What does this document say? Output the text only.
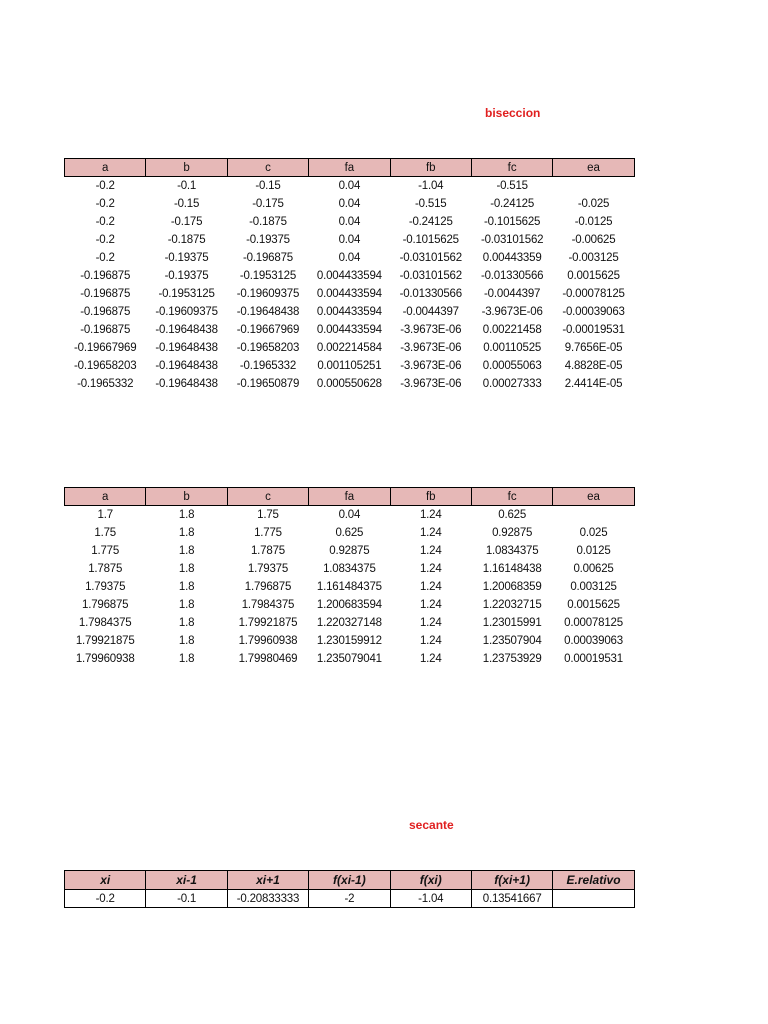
biseccion
a	b	c	fa	fb	fc	ea
-0.2	-0.1	-0.15	0.04	-1.04	-0.515	
-0.2	-0.15	-0.175	0.04	-0.515	-0.24125	-0.025
-0.2	-0.175	-0.1875	0.04	-0.24125	-0.1015625	-0.0125
-0.2	-0.1875	-0.19375	0.04	-0.1015625	-0.03101562	-0.00625
-0.2	-0.19375	-0.196875	0.04	-0.03101562	0.00443359	-0.003125
-0.196875	-0.19375	-0.1953125	0.004433594	-0.03101562	-0.01330566	0.0015625
-0.196875	-0.1953125	-0.19609375	0.004433594	-0.01330566	-0.0044397	-0.00078125
-0.196875	-0.19609375	-0.19648438	0.004433594	-0.0044397	-3.9673E-06	-0.00039063
-0.196875	-0.19648438	-0.19667969	0.004433594	-3.9673E-06	0.00221458	-0.00019531
-0.19667969	-0.19648438	-0.19658203	0.002214584	-3.9673E-06	0.00110525	9.7656E-05
-0.19658203	-0.19648438	-0.1965332	0.001105251	-3.9673E-06	0.00055063	4.8828E-05
-0.1965332	-0.19648438	-0.19650879	0.000550628	-3.9673E-06	0.00027333	2.4414E-05
a	b	c	fa	fb	fc	ea
1.7	1.8	1.75	0.04	1.24	0.625	
1.75	1.8	1.775	0.625	1.24	0.92875	0.025
1.775	1.8	1.7875	0.92875	1.24	1.0834375	0.0125
1.7875	1.8	1.79375	1.0834375	1.24	1.16148438	0.00625
1.79375	1.8	1.796875	1.161484375	1.24	1.20068359	0.003125
1.796875	1.8	1.7984375	1.200683594	1.24	1.22032715	0.0015625
1.7984375	1.8	1.79921875	1.220327148	1.24	1.23015991	0.00078125
1.79921875	1.8	1.79960938	1.230159912	1.24	1.23507904	0.00039063
1.79960938	1.8	1.79980469	1.235079041	1.24	1.23753929	0.00019531
secante
xi	xi-1	xi+1	f(xi-1)	f(xi)	f(xi+1)	E.relativo
-0.2	-0.1	-0.20833333	-2	-1.04	0.13541667	
